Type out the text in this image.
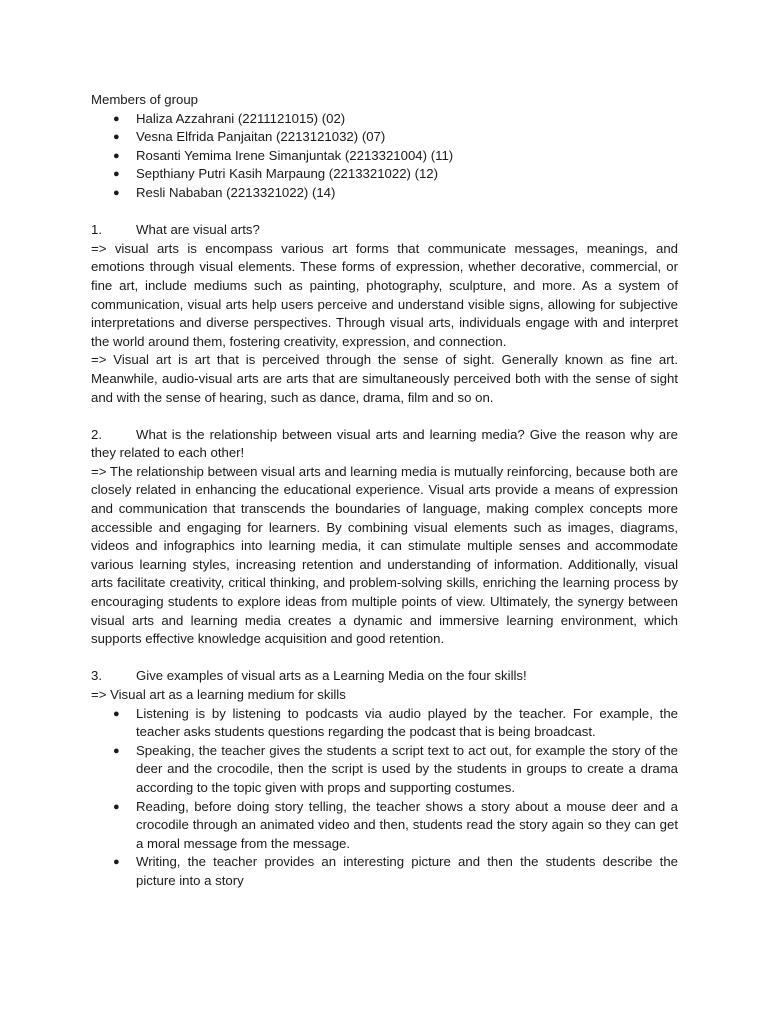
Members of group

● Haliza Azzahrani (2211121015) (02)
● Vesna Elfrida Panjaitan (2213121032) (07)
● Rosanti Yemima Irene Simanjuntak (2213321004) (11)
● Septhiany Putri Kasih Marpaung (2213321022) (12)
● Resli Nababan (2213321022) (14)

1.	What are visual arts?

=> visual arts is encompass various art forms that communicate messages, meanings, and emotions through visual elements. These forms of expression, whether decorative, commercial, or fine art, include mediums such as painting, photography, sculpture, and more. As a system of communication, visual arts help users perceive and understand visible signs, allowing for subjective interpretations and diverse perspectives. Through visual arts, individuals engage with and interpret the world around them, fostering creativity, expression, and connection.

=> Visual art is art that is perceived through the sense of sight. Generally known as fine art. Meanwhile, audio-visual arts are arts that are simultaneously perceived both with the sense of sight and with the sense of hearing, such as dance, drama, film and so on.

2.	What is the relationship between visual arts and learning media? Give the reason why are they related to each other!

=> The relationship between visual arts and learning media is mutually reinforcing, because both are closely related in enhancing the educational experience. Visual arts provide a means of expression and communication that transcends the boundaries of language, making complex concepts more accessible and engaging for learners. By combining visual elements such as images, diagrams, videos and infographics into learning media, it can stimulate multiple senses and accommodate various learning styles, increasing retention and understanding of information. Additionally, visual arts facilitate creativity, critical thinking, and problem-solving skills, enriching the learning process by encouraging students to explore ideas from multiple points of view. Ultimately, the synergy between visual arts and learning media creates a dynamic and immersive learning environment, which supports effective knowledge acquisition and good retention.

3.	Give examples of visual arts as a Learning Media on the four skills!

=> Visual art as a learning medium for skills

● Listening is by listening to podcasts via audio played by the teacher. For example, the teacher asks students questions regarding the podcast that is being broadcast.
● Speaking, the teacher gives the students a script text to act out, for example the story of the deer and the crocodile, then the script is used by the students in groups to create a drama according to the topic given with props and supporting costumes.
● Reading, before doing story telling, the teacher shows a story about a mouse deer and a crocodile through an animated video and then, students read the story again so they can get a moral message from the message.
● Writing, the teacher provides an interesting picture and then the students describe the picture into a story
